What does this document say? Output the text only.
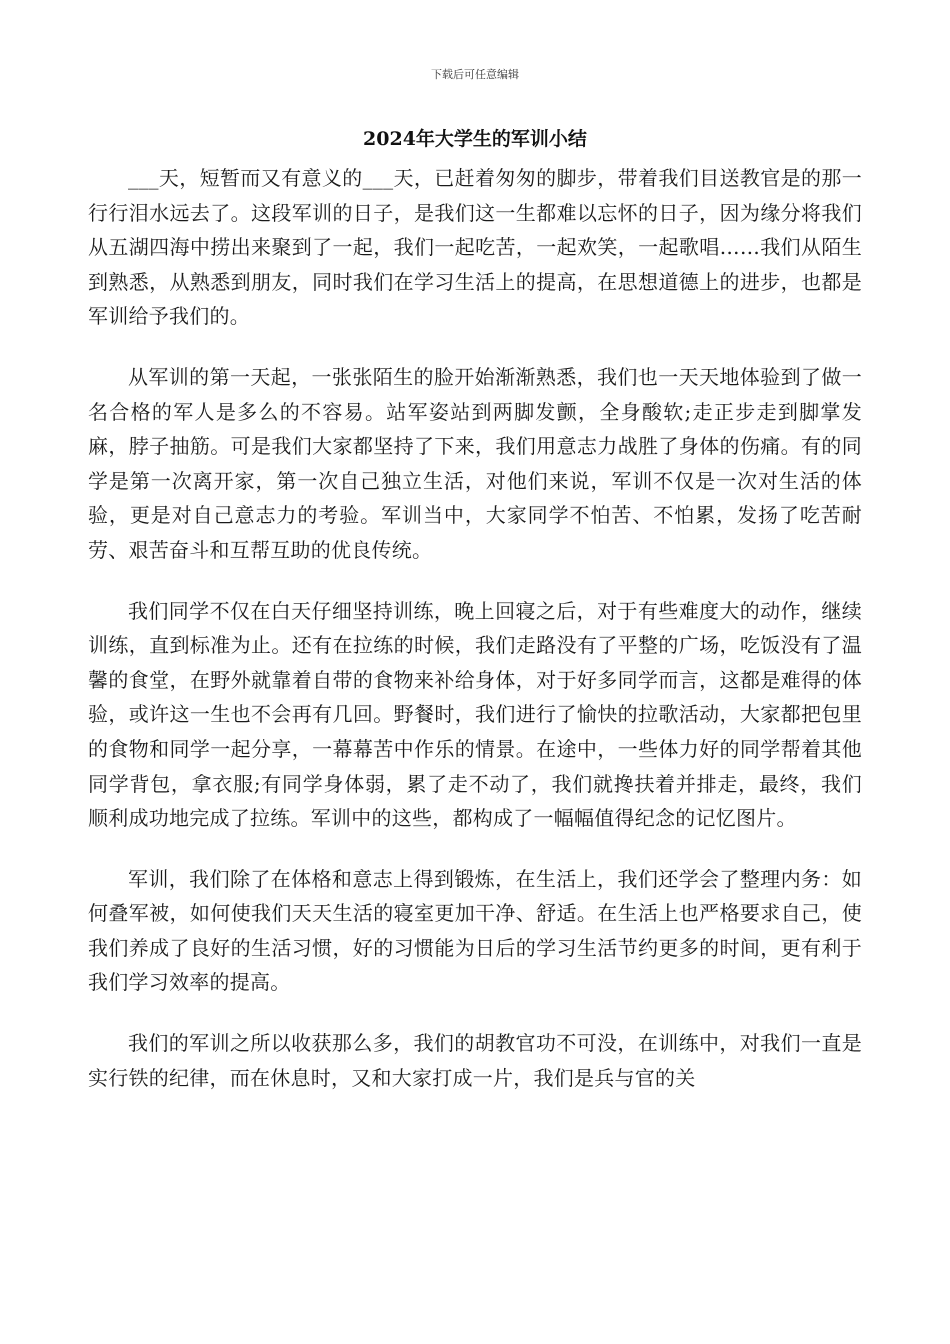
下载后可任意编辑
2024年大学生的军训小结

___天，短暂而又有意义的___天，已赶着匆匆的脚步，带着我们目送教官是的那一行行泪水远去了。这段军训的日子，是我们这一生都难以忘怀的日子，因为缘分将我们从五湖四海中捞出来聚到了一起，我们一起吃苦，一起欢笑，一起歌唱……我们从陌生到熟悉，从熟悉到朋友，同时我们在学习生活上的提高，在思想道德上的进步，也都是军训给予我们的。

从军训的第一天起，一张张陌生的脸开始渐渐熟悉，我们也一天天地体验到了做一名合格的军人是多么的不容易。站军姿站到两脚发颤，全身酸软;走正步走到脚掌发麻，脖子抽筋。可是我们大家都坚持了下来，我们用意志力战胜了身体的伤痛。有的同学是第一次离开家，第一次自己独立生活，对他们来说，军训不仅是一次对生活的体验，更是对自己意志力的考验。军训当中，大家同学不怕苦、不怕累，发扬了吃苦耐劳、艰苦奋斗和互帮互助的优良传统。

我们同学不仅在白天仔细坚持训练，晚上回寝之后，对于有些难度大的动作，继续训练，直到标准为止。还有在拉练的时候，我们走路没有了平整的广场，吃饭没有了温馨的食堂，在野外就靠着自带的食物来补给身体，对于好多同学而言，这都是难得的体验，或许这一生也不会再有几回。野餐时，我们进行了愉快的拉歌活动，大家都把包里的食物和同学一起分享，一幕幕苦中作乐的情景。在途中，一些体力好的同学帮着其他同学背包，拿衣服;有同学身体弱，累了走不动了，我们就搀扶着并排走，最终，我们顺利成功地完成了拉练。军训中的这些，都构成了一幅幅值得纪念的记忆图片。

军训，我们除了在体格和意志上得到锻炼，在生活上，我们还学会了整理内务：如何叠军被，如何使我们天天生活的寝室更加干净、舒适。在生活上也严格要求自己，使我们养成了良好的生活习惯，好的习惯能为日后的学习生活节约更多的时间，更有利于我们学习效率的提高。

我们的军训之所以收获那么多，我们的胡教官功不可没，在训练中，对我们一直是实行铁的纪律，而在休息时，又和大家打成一片，我们是兵与官的关
